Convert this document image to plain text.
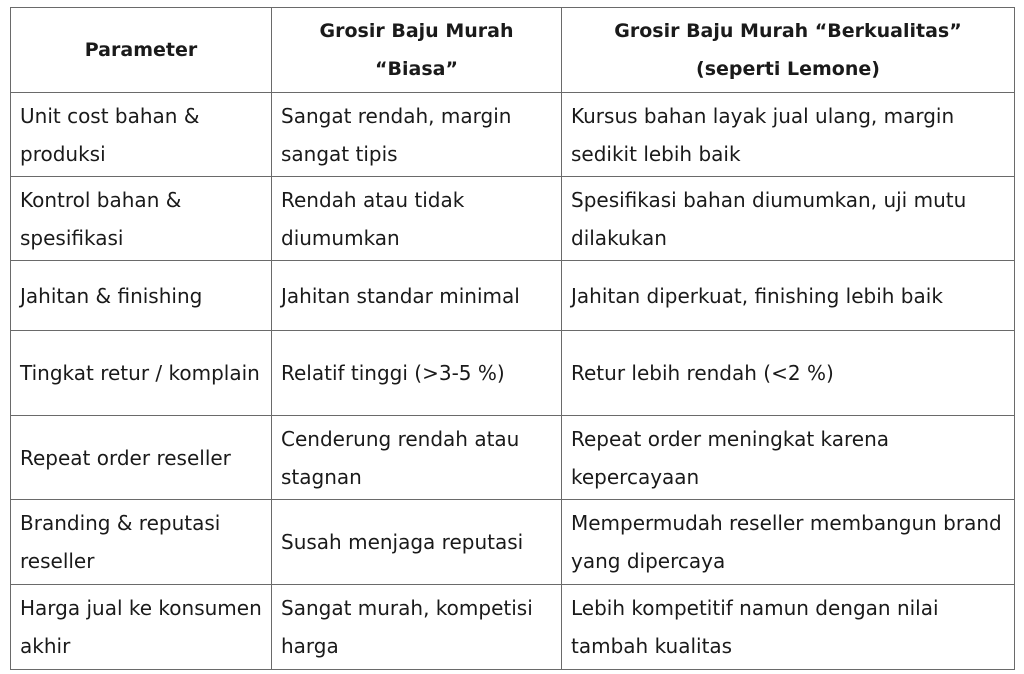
Parameter	Grosir Baju Murah “Biasa”	Grosir Baju Murah “Berkualitas” (seperti Lemone)
Unit cost bahan & produksi	Sangat rendah, margin sangat tipis	Kursus bahan layak jual ulang, margin sedikit lebih baik
Kontrol bahan & spesifikasi	Rendah atau tidak diumumkan	Spesifikasi bahan diumumkan, uji mutu dilakukan
Jahitan & finishing	Jahitan standar minimal	Jahitan diperkuat, finishing lebih baik
Tingkat retur / komplain	Relatif tinggi (>3-5 %)	Retur lebih rendah (<2 %)
Repeat order reseller	Cenderung rendah atau stagnan	Repeat order meningkat karena kepercayaan
Branding & reputasi reseller	Susah menjaga reputasi	Mempermudah reseller membangun brand yang dipercaya
Harga jual ke konsumen akhir	Sangat murah, kompetisi harga	Lebih kompetitif namun dengan nilai tambah kualitas
